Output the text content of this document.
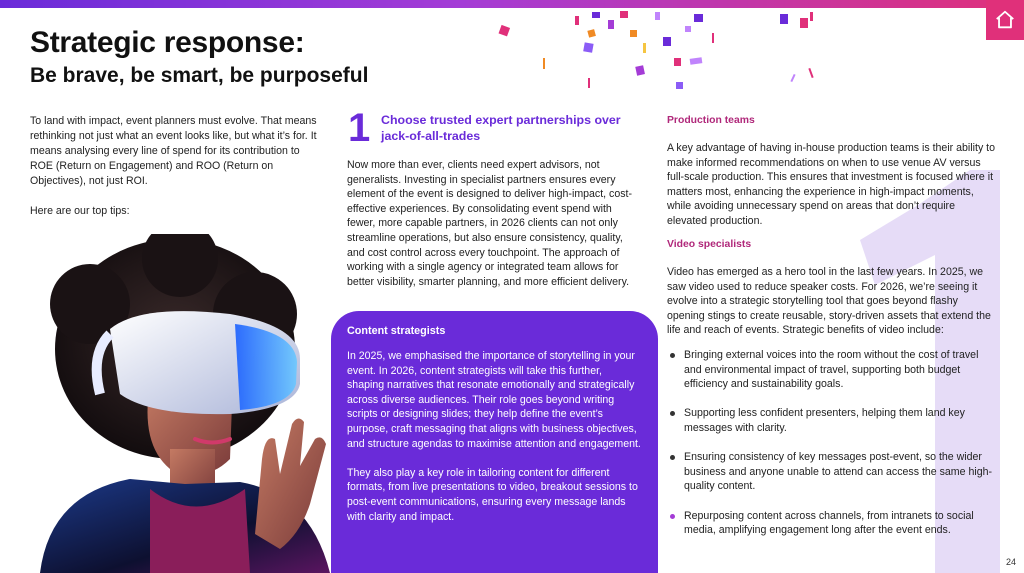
Strategic response:
Be brave, be smart, be purposeful

To land with impact, event planners must evolve. That means rethinking not just what an event looks like, but what it’s for. It means analysing every line of spend for its contribution to ROE (Return on Engagement) and ROO (Return on Objectives), not just ROI.

Here are our top tips:

1 Choose trusted expert partnerships over jack-of-all-trades

Now more than ever, clients need expert advisors, not generalists. Investing in specialist partners ensures every element of the event is designed to deliver high-impact, cost-effective experiences. By consolidating event spend with fewer, more capable partners, in 2026 clients can not only streamline operations, but also ensure consistency, quality, and cost control across every touchpoint. The approach of working with a single agency or integrated team allows for better visibility, smarter planning, and more efficient delivery.

Content strategists

In 2025, we emphasised the importance of storytelling in your event. In 2026, content strategists will take this further, shaping narratives that resonate emotionally and strategically across diverse audiences. Their role goes beyond writing scripts or designing slides; they help define the event’s purpose, craft messaging that aligns with business objectives, and structure agendas to maximise attention and engagement.

They also play a key role in tailoring content for different formats, from live presentations to video, breakout sessions to post-event communications, ensuring every message lands with clarity and impact.

Production teams

A key advantage of having in-house production teams is their ability to make informed recommendations on when to use venue AV versus full-scale production. This ensures that investment is focused where it matters most, enhancing the experience in high-impact moments, while avoiding unnecessary spend on areas that don’t require elevated production.

Video specialists

Video has emerged as a hero tool in the last few years. In 2025, we saw video used to reduce speaker costs. For 2026, we’re seeing it evolve into a strategic storytelling tool that goes beyond flashy opening stings to create reusable, story-driven assets that extend the life and reach of events. Strategic benefits of video include:

Bringing external voices into the room without the cost of travel and environmental impact of travel, supporting both budget efficiency and sustainability goals.
Supporting less confident presenters, helping them land key messages with clarity.
Ensuring consistency of key messages post-event, so the wider business and anyone unable to attend can access the same high-quality content.
Repurposing content across channels, from intranets to social media, amplifying engagement long after the event ends.
24
